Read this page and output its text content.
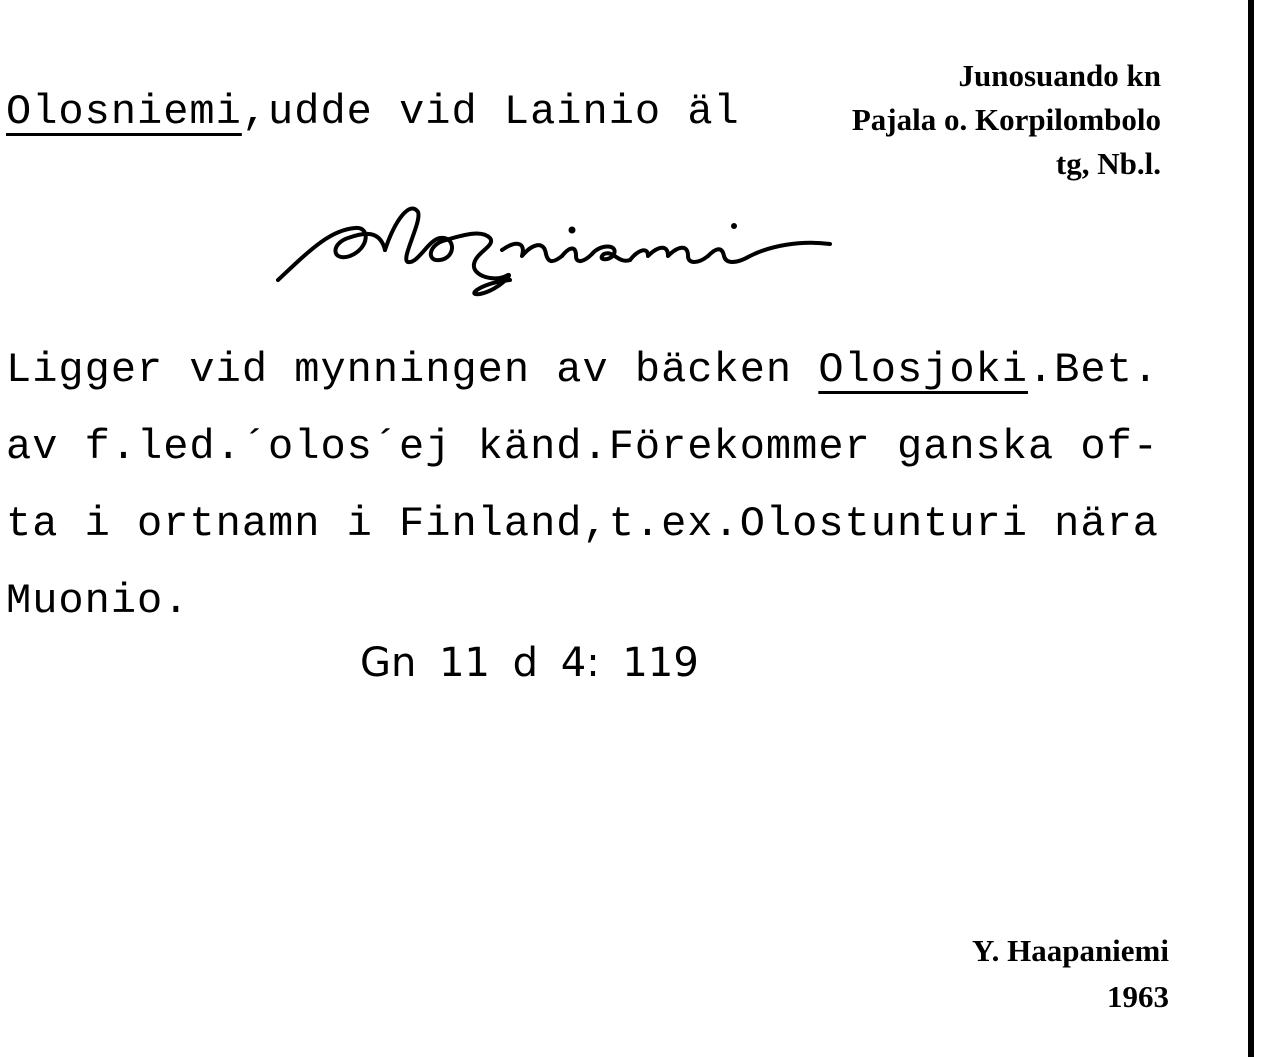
Olosniemi,udde vid Lainio äl
Junosuando kn
Pajala o. Korpilombolo
tg, Nb.l.
Ligger vid mynningen av bäcken Olosjoki.Bet.
av f.led.´olos´ej känd.Förekommer ganska of-
ta i ortnamn i Finland,t.ex.Olostunturi nära
Muonio.
Gn 11 d 4: 119
Y. Haapaniemi
1963
